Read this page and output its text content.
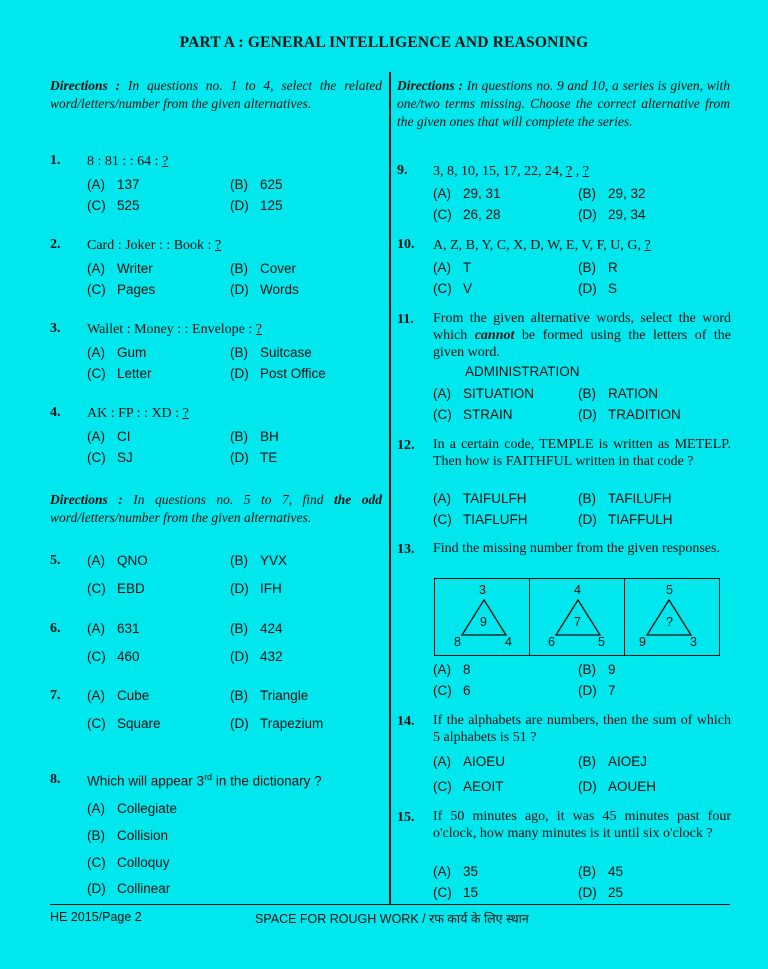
PART A : GENERAL INTELLIGENCE AND REASONING
Directions : In questions no. 1 to 4, select the related word/letters/number from the given alternatives.
1. 8 : 81 : : 64 : ?
(A) 137	(B) 625
(C) 525	(D) 125
2. Card : Joker : : Book : ?
(A) Writer	(B) Cover
(C) Pages	(D) Words
3. Wallet : Money : : Envelope : ?
(A) Gum	(B) Suitcase
(C) Letter	(D) Post Office
4. AK : FP : : XD : ?
(A) CI	(B) BH
(C) SJ	(D) TE
Directions : In questions no. 5 to 7, find the odd word/letters/number from the given alternatives.
5. (A) QNO	(B) YVX
(C) EBD	(D) IFH
6. (A) 631	(B) 424
(C) 460	(D) 432
7. (A) Cube	(B) Triangle
(C) Square	(D) Trapezium
8. Which will appear 3rd in the dictionary ?
(A) Collegiate
(B) Collision
(C) Colloquy
(D) Collinear
Directions : In questions no. 9 and 10, a series is given, with one/two terms missing. Choose the correct alternative from the given ones that will complete the series.
9. 3, 8, 10, 15, 17, 22, 24, ? , ?
(A) 29, 31	(B) 29, 32
(C) 26, 28	(D) 29, 34
10. A, Z, B, Y, C, X, D, W, E, V, F, U, G, ?
(A) T	(B) R
(C) V	(D) S
11. From the given alternative words, select the word which cannot be formed using the letters of the given word.
ADMINISTRATION
(A) SITUATION	(B) RATION
(C) STRAIN	(D) TRADITION
12. In a certain code, TEMPLE is written as METELP. Then how is FAITHFUL written in that code ?
(A) TAIFULFH	(B) TAFILUFH
(C) TIAFLUFH	(D) TIAFFULH
13. Find the missing number from the given responses.
3
9
8	4
4
7
6	5
5
?
9	3
(A) 8	(B) 9
(C) 6	(D) 7
14. If the alphabets are numbers, then the sum of which 5 alphabets is 51 ?
(A) AIOEU	(B) AIOEJ
(C) AEOIT	(D) AOUEH
15. If 50 minutes ago, it was 45 minutes past four o'clock, how many minutes is it until six o'clock ?
(A) 35	(B) 45
(C) 15	(D) 25
HE 2015/Page 2	SPACE FOR ROUGH WORK / रफ कार्य के लिए स्थान
